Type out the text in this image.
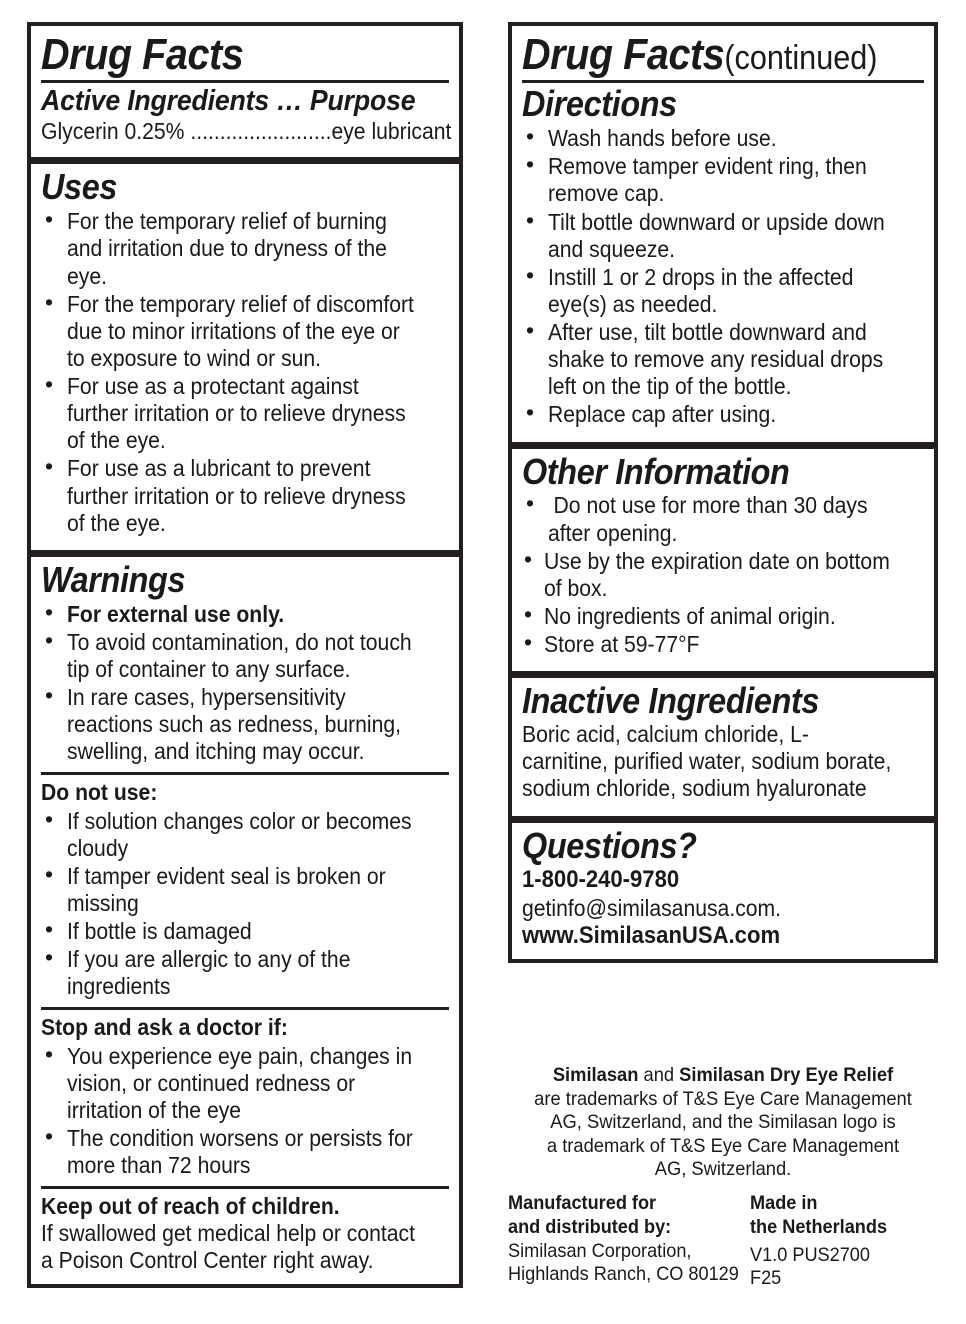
Drug Facts
Active Ingredients … Purpose
Glycerin 0.25% ........................eye lubricant
Uses
• For the temporary relief of burning and irritation due to dryness of the eye.
• For the temporary relief of discomfort due to minor irritations of the eye or to exposure to wind or sun.
• For use as a protectant against further irritation or to relieve dryness of the eye.
• For use as a lubricant to prevent further irritation or to relieve dryness of the eye.
Warnings
• For external use only.
• To avoid contamination, do not touch tip of container to any surface.
• In rare cases, hypersensitivity reactions such as redness, burning, swelling, and itching may occur.
Do not use:
• If solution changes color or becomes cloudy
• If tamper evident seal is broken or missing
• If bottle is damaged
• If you are allergic to any of the ingredients
Stop and ask a doctor if:
• You experience eye pain, changes in vision, or continued redness or irritation of the eye
• The condition worsens or persists for more than 72 hours
Keep out of reach of children.
If swallowed get medical help or contact a Poison Control Center right away.
Drug Facts(continued)
Directions
• Wash hands before use.
• Remove tamper evident ring, then remove cap.
• Tilt bottle downward or upside down and squeeze.
• Instill 1 or 2 drops in the affected eye(s) as needed.
• After use, tilt bottle downward and shake to remove any residual drops left on the tip of the bottle.
• Replace cap after using.
Other Information
• Do not use for more than 30 days after opening.
• Use by the expiration date on bottom of box.
• No ingredients of animal origin.
• Store at 59-77°F
Inactive Ingredients
Boric acid, calcium chloride, L-carnitine, purified water, sodium borate, sodium chloride, sodium hyaluronate
Questions?
1-800-240-9780
getinfo@similasanusa.com.
www.SimilasanUSA.com
Similasan and Similasan Dry Eye Relief
are trademarks of T&S Eye Care Management
AG, Switzerland, and the Similasan logo is
a trademark of T&S Eye Care Management
AG, Switzerland.
Manufactured for
and distributed by:
Similasan Corporation,
Highlands Ranch, CO 80129
Made in
the Netherlands
V1.0 PUS2700
F25
